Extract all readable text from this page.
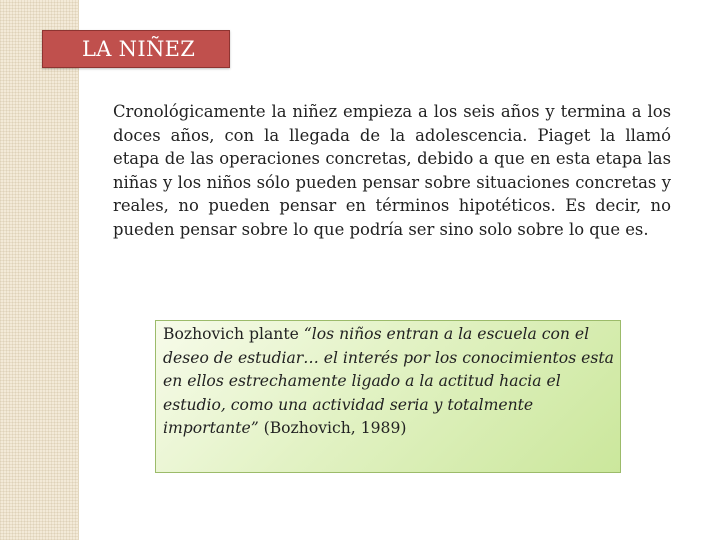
LA NIÑEZ

Cronológicamente la niñez empieza a los seis años y termina a los doces años, con la llegada de la adolescencia. Piaget la llamó etapa de las operaciones concretas, debido a que en esta etapa las niñas y los niños sólo pueden pensar sobre situaciones concretas y reales, no pueden pensar en términos hipotéticos. Es decir, no pueden pensar sobre lo que podría ser sino solo sobre lo que es.

Bozhovich plante “los niños entran a la escuela con el deseo de estudiar… el interés por los conocimientos esta en ellos estrechamente ligado a la actitud hacia el estudio, como una actividad seria y totalmente importante” (Bozhovich, 1989)
